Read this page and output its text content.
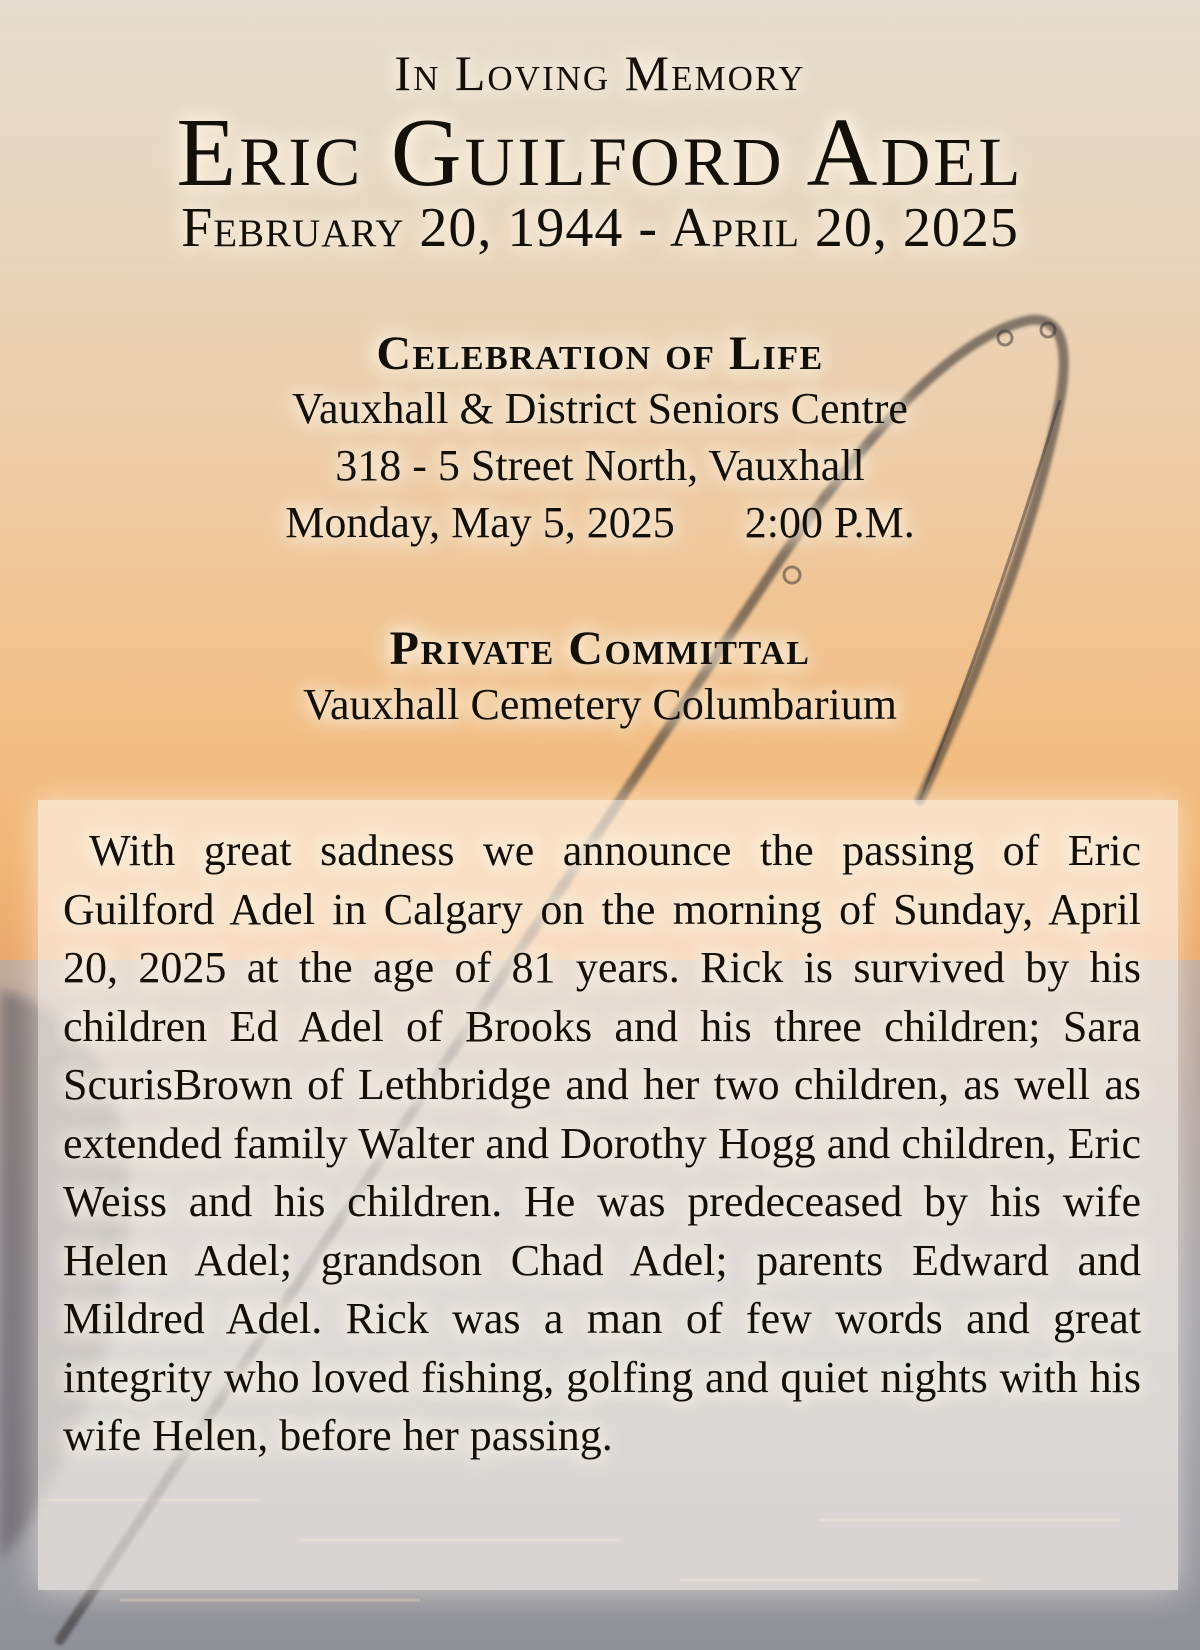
In Loving Memory
Eric Guilford Adel
February 20, 1944 - April 20, 2025
Celebration of Life
Vauxhall & District Seniors Centre
318 - 5 Street North, Vauxhall
Monday, May 5, 2025 2:00 P.M.
Private Committal
Vauxhall Cemetery Columbarium

With great sadness we announce the passing of Eric Guilford Adel in Calgary on the morning of Sunday, April 20, 2025 at the age of 81 years. Rick is survived by his children Ed Adel of Brooks and his three children; Sara ScurisBrown of Lethbridge and her two children, as well as extended family Walter and Dorothy Hogg and children, Eric Weiss and his children. He was predeceased by his wife Helen Adel; grandson Chad Adel; parents Edward and Mildred Adel. Rick was a man of few words and great integrity who loved fishing, golfing and quiet nights with his wife Helen, before her passing.
